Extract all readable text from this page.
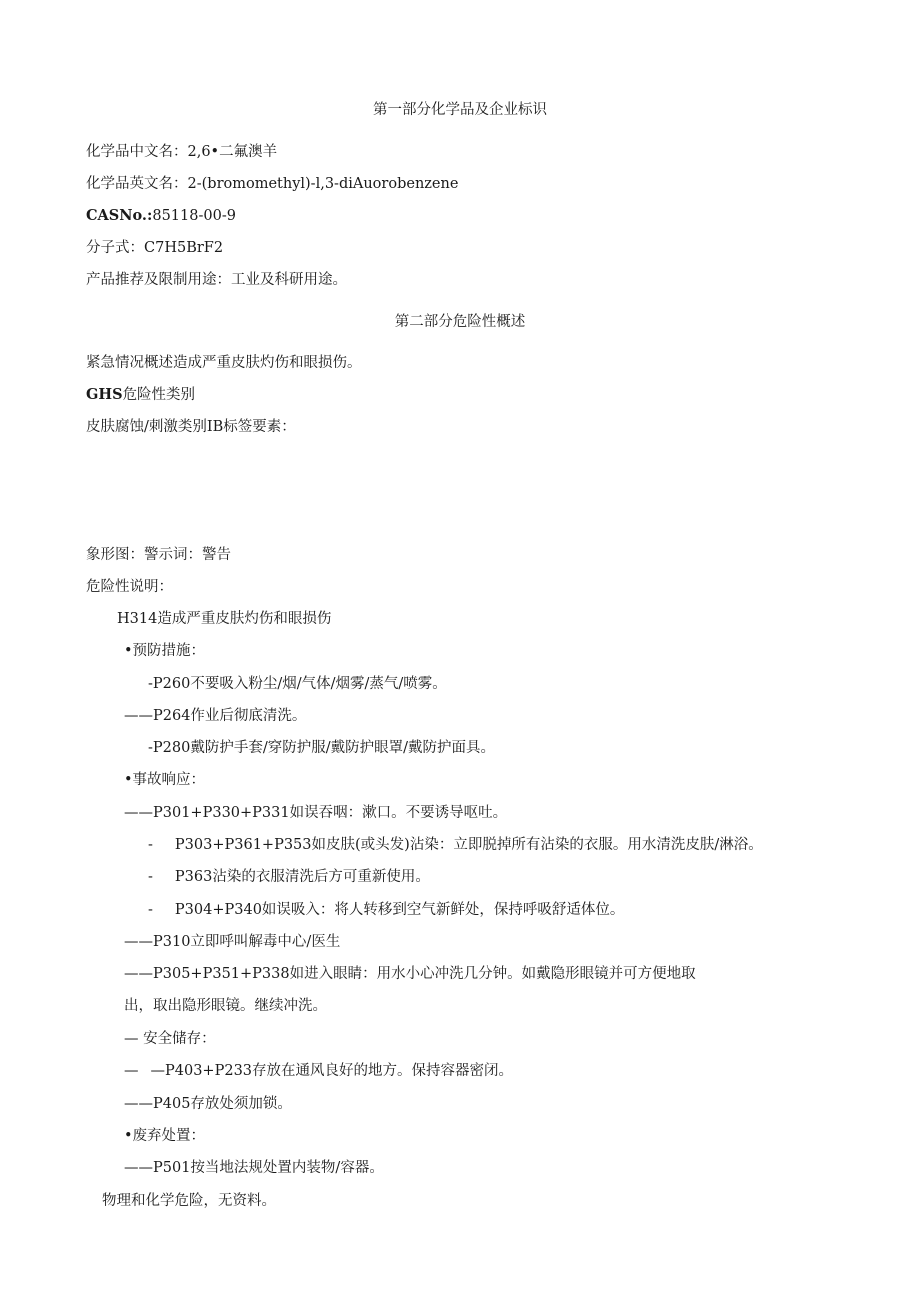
第一部分化学品及企业标识
化学品中文名：2,6•二氟澳羊
化学品英文名：2-(bromomethyl)-l,3-diAuorobenzene
CASNo.:85118-00-9
分子式：C7H5BrF2
产品推荐及限制用途：工业及科研用途。
第二部分危险性概述
紧急情况概述造成严重皮肤灼伤和眼损伤。
GHS危险性类别
皮肤腐蚀/刺激类别IB标签要素：
象形图：警示词：警告
危险性说明：
H314造成严重皮肤灼伤和眼损伤
•预防措施：
-P260不要吸入粉尘/烟/气体/烟雾/蒸气/喷雾。
——P264作业后彻底清洗。
-P280戴防护手套/穿防护服/戴防护眼罩/戴防护面具。
•事故响应：
——P301+P330+P331如误吞咽：漱口。不要诱导呕吐。
- P303+P361+P353如皮肤(或头发)沾染：立即脱掉所有沾染的衣服。用水清洗皮肤/淋浴。
- P363沾染的衣服清洗后方可重新使用。
- P304+P340如误吸入：将人转移到空气新鲜处，保持呼吸舒适体位。
——P310立即呼叫解毒中心/医生
——P305+P351+P338如进入眼睛：用水小心冲洗几分钟。如戴隐形眼镜并可方便地取
出，取出隐形眼镜。继续冲洗。
— 安全储存：
— —P403+P233存放在通风良好的地方。保持容器密闭。
——P405存放处须加锁。
•废弃处置：
——P501按当地法规处置内装物/容器。
物理和化学危险，无资料。
